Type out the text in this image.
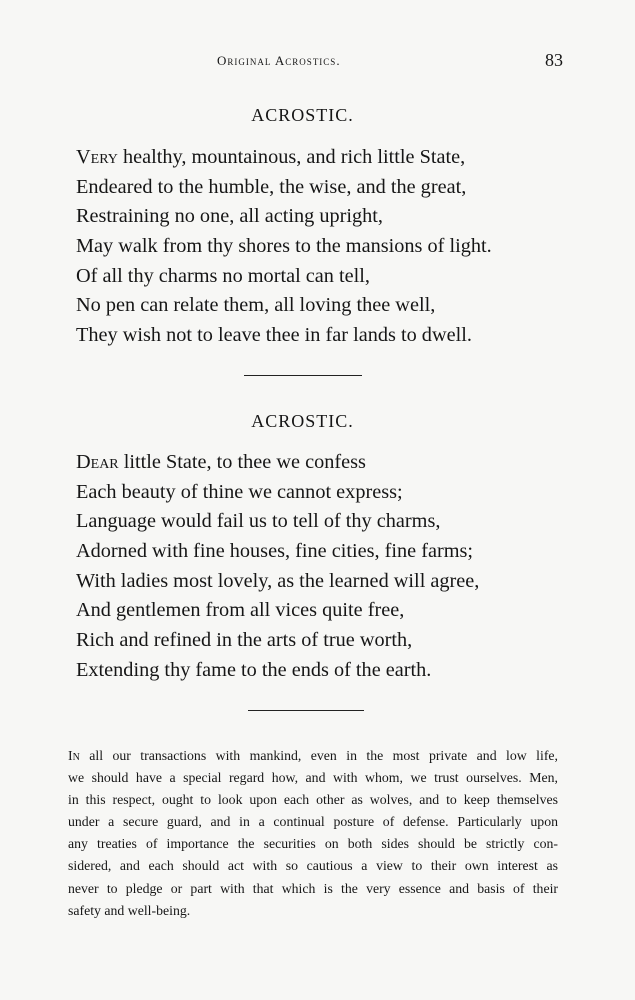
Original Acrostics.	83
ACROSTIC.
Very healthy, mountainous, and rich little State,
Endeared to the humble, the wise, and the great,
Restraining no one, all acting upright,
May walk from thy shores to the mansions of light.
Of all thy charms no mortal can tell,
No pen can relate them, all loving thee well,
They wish not to leave thee in far lands to dwell.
ACROSTIC.
Dear little State, to thee we confess
Each beauty of thine we cannot express;
Language would fail us to tell of thy charms,
Adorned with fine houses, fine cities, fine farms;
With ladies most lovely, as the learned will agree,
And gentlemen from all vices quite free,
Rich and refined in the arts of true worth,
Extending thy fame to the ends of the earth.
In all our transactions with mankind, even in the most private and low life,
we should have a special regard how, and with whom, we trust ourselves. Men,
in this respect, ought to look upon each other as wolves, and to keep themselves
under a secure guard, and in a continual posture of defense. Particularly upon
any treaties of importance the securities on both sides should be strictly con-
sidered, and each should act with so cautious a view to their own interest as
never to pledge or part with that which is the very essence and basis of their
safety and well-being.
